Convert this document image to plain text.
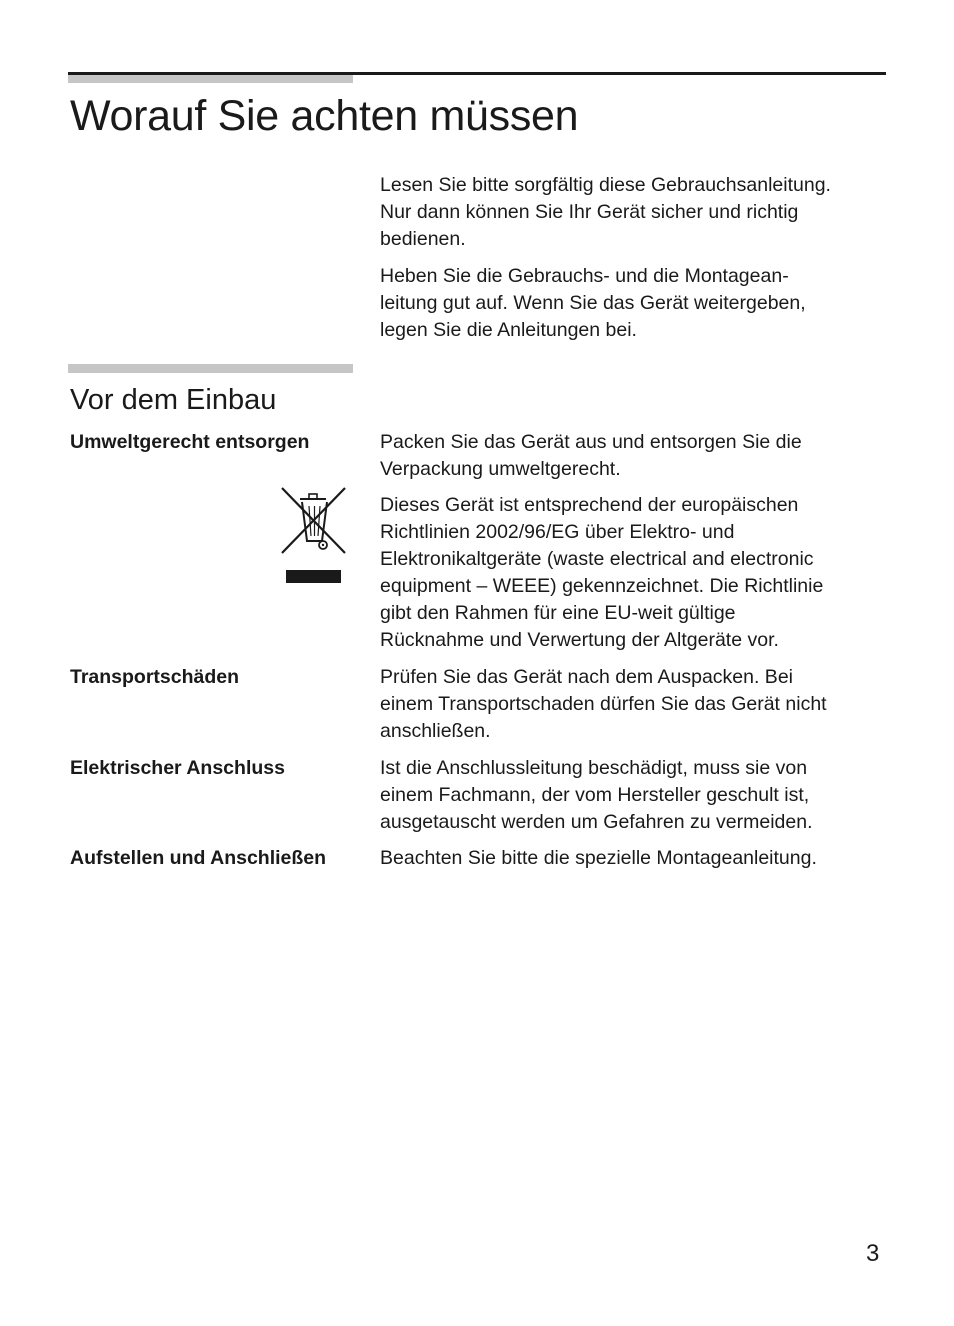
Worauf Sie achten müssen

Lesen Sie bitte sorgfältig diese Gebrauchsanleitung.
Nur dann können Sie Ihr Gerät sicher und richtig
bedienen.

Heben Sie die Gebrauchs- und die Montagean-
leitung gut auf. Wenn Sie das Gerät weitergeben,
legen Sie die Anleitungen bei.

Vor dem Einbau
Umweltgerecht entsorgen	Packen Sie das Gerät aus und entsorgen Sie die
Verpackung umweltgerecht.

Dieses Gerät ist entsprechend der europäischen
Richtlinien 2002/96/EG über Elektro- und
Elektronikaltgeräte (waste electrical and electronic
equipment – WEEE) gekennzeichnet. Die Richtlinie
gibt den Rahmen für eine EU-weit gültige
Rücknahme und Verwertung der Altgeräte vor.

Transportschäden	Prüfen Sie das Gerät nach dem Auspacken. Bei
einem Transportschaden dürfen Sie das Gerät nicht
anschließen.

Elektrischer Anschluss	Ist die Anschlussleitung beschädigt, muss sie von
einem Fachmann, der vom Hersteller geschult ist,
ausgetauscht werden um Gefahren zu vermeiden.

Aufstellen und Anschließen	Beachten Sie bitte die spezielle Montageanleitung.

3
